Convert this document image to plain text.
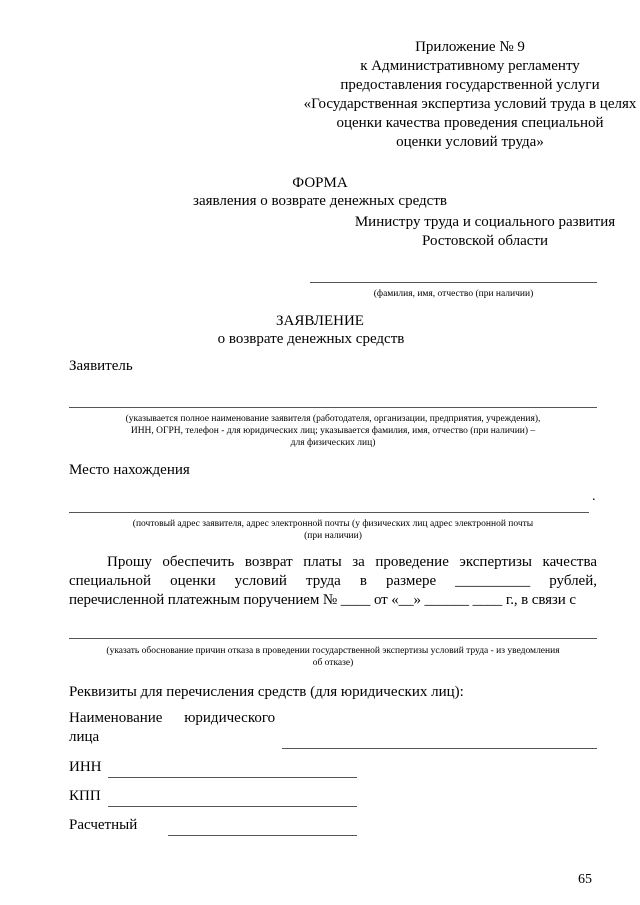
Приложение № 9
к Административному регламенту
предоставления государственной услуги
«Государственная экспертиза условий труда в целях
оценки качества проведения специальной
оценки условий труда»
ФОРМА
заявления о возврате денежных средств
Министру труда и социального развития
Ростовской области
(фамилия, имя, отчество (при наличии)
ЗАЯВЛЕНИЕ
о возврате денежных средств
Заявитель
(указывается полное наименование заявителя (работодателя, организации, предприятия, учреждения),
ИНН, ОГРН, телефон - для юридических лиц; указывается фамилия, имя, отчество (при наличии) –
для физических лиц)
Место нахождения
.
(почтовый адрес заявителя, адрес электронной почты (у физических лиц адрес электронной почты
(при наличии)
Прошу обеспечить возврат платы за проведение экспертизы качества
специальной оценки условий труда в размере __________ рублей,
перечисленной платежным поручением № ____ от «__» ______ ____ г., в связи с
(указать обоснование причин отказа в проведении государственной экспертизы условий труда - из уведомления
об отказе)
Реквизиты для перечисления средств (для юридических лиц):
Наименование юридического
лица
ИНН
КПП
Расчетный
65
